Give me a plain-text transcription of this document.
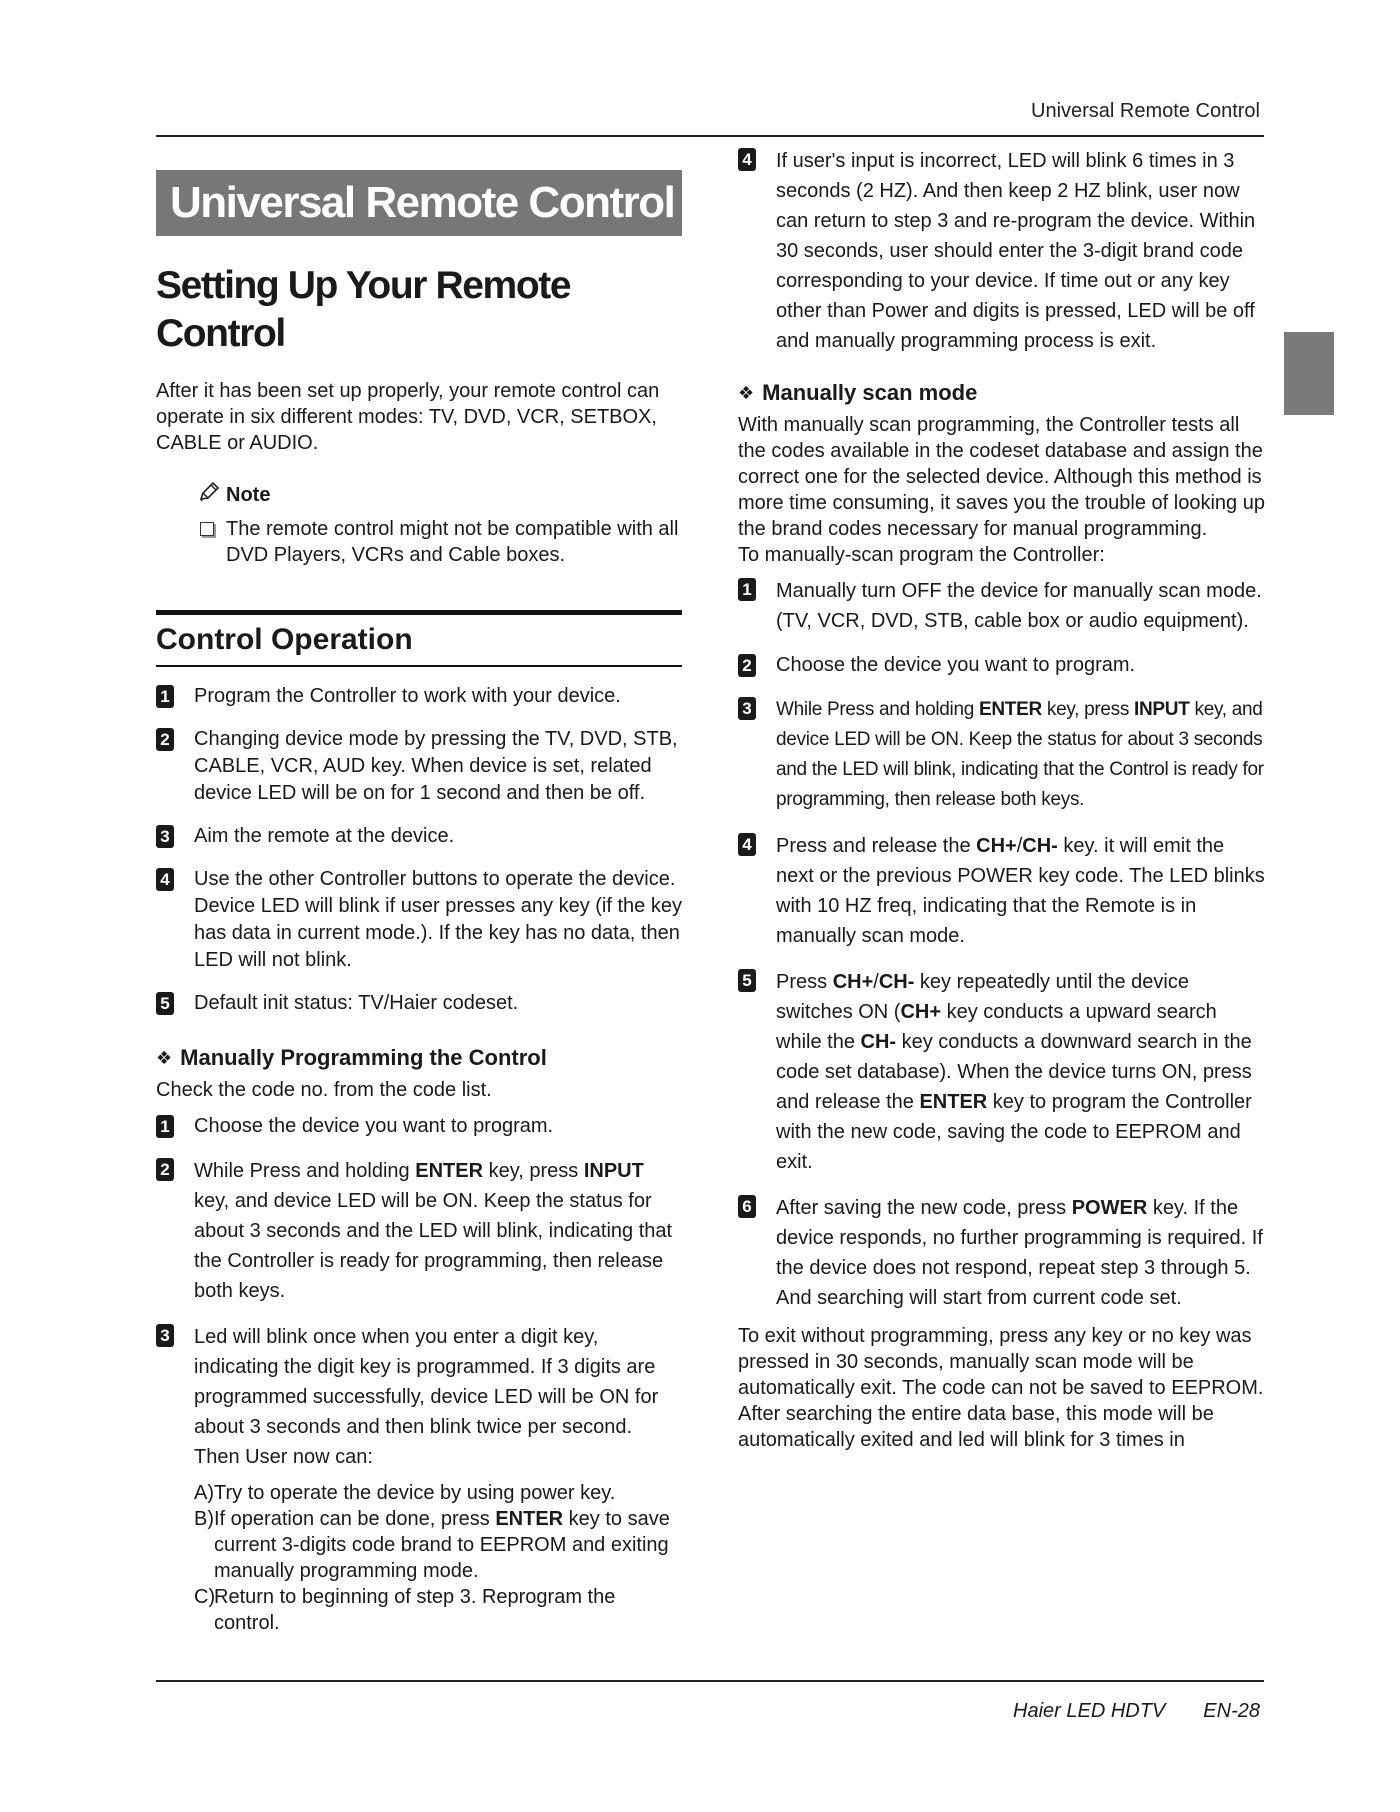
Universal Remote Control
Universal Remote Control
Setting Up Your Remote Control
After it has been set up properly, your remote control can operate in six different modes: TV, DVD, VCR, SETBOX, CABLE or AUDIO.
Note
The remote control might not be compatible with all DVD Players, VCRs and Cable boxes.
Control Operation
1 Program the Controller to work with your device.
2 Changing device mode by pressing the TV, DVD, STB, CABLE, VCR, AUD key. When device is set, related device LED will be on for 1 second and then be off.
3 Aim the remote at the device.
4 Use the other Controller buttons to operate the device. Device LED will blink if user presses any key (if the key has data in current mode.). If the key has no data, then LED will not blink.
5 Default init status: TV/Haier codeset.
❖ Manually Programming the Control
Check the code no. from the code list.
1 Choose the device you want to program.
2 While Press and holding ENTER key, press INPUT key, and device LED will be ON. Keep the status for about 3 seconds and the LED will blink, indicating that the Controller is ready for programming, then release both keys.
3 Led will blink once when you enter a digit key, indicating the digit key is programmed. If 3 digits are programmed successfully, device LED will be ON for about 3 seconds and then blink twice per second. Then User now can:
A) Try to operate the device by using power key.
B) If operation can be done, press ENTER key to save current 3-digits code brand to EEPROM and exiting manually programming mode.
C)
Return to beginning of step 3. Reprogram the control.
4 If user's input is incorrect, LED will blink 6 times in 3 seconds (2 HZ). And then keep 2 HZ blink, user now can return to step 3 and re-program the device. Within 30 seconds, user should enter the 3-digit brand code corresponding to your device. If time out or any key other than Power and digits is pressed, LED will be off and manually programming process is exit.
❖ Manually scan mode
With manually scan programming, the Controller tests all the codes available in the codeset database and assign the correct one for the selected device. Although this method is more time consuming, it saves you the trouble of looking up the brand codes necessary for manual programming.
To manually-scan program the Controller:
1 Manually turn OFF the device for manually scan mode. (TV, VCR, DVD, STB, cable box or audio equipment).
2 Choose the device you want to program.
3 While Press and holding ENTER key, press INPUT key, and device LED will be ON. Keep the status for about 3 seconds and the LED will blink, indicating that the Control is ready for programming, then release both keys.
4 Press and release the CH+/CH- key. it will emit the next or the previous POWER key code. The LED blinks with 10 HZ freq, indicating that the Remote is in manually scan mode.
5 Press CH+/CH- key repeatedly until the device switches ON (CH+ key conducts a upward search while the CH- key conducts a downward search in the code set database). When the device turns ON, press and release the ENTER key to program the Controller with the new code, saving the code to EEPROM and exit.
6 After saving the new code, press POWER key. If the device responds, no further programming is required. If the device does not respond, repeat step 3 through 5. And searching will start from current code set.
To exit without programming, press any key or no key was pressed in 30 seconds, manually scan mode will be automatically exit. The code can not be saved to EEPROM.
After searching the entire data base, this mode will be automatically exited and led will blink for 3 times in
Haier LED HDTV EN-28
